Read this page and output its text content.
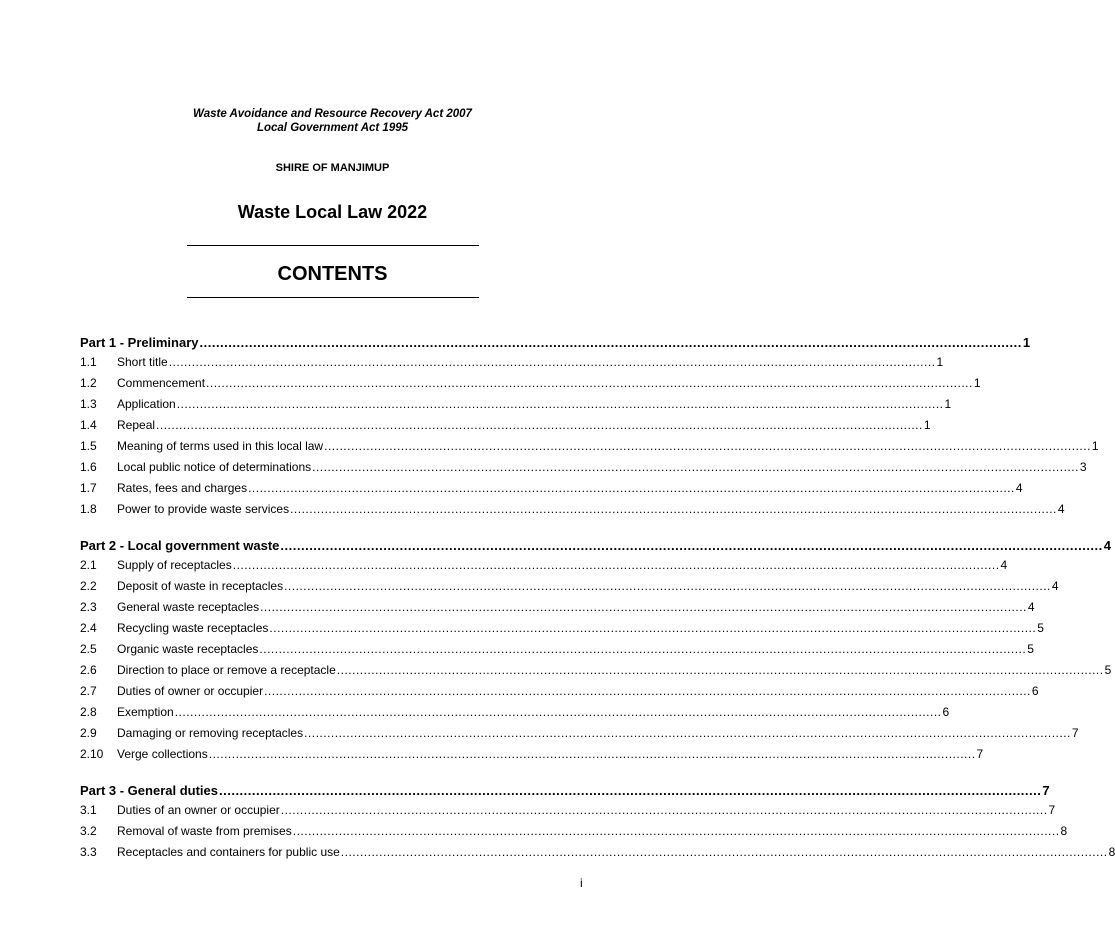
Waste Avoidance and Resource Recovery Act 2007
Local Government Act 1995
SHIRE OF MANJIMUP
Waste Local Law 2022
CONTENTS
Part 1 - Preliminary ........................................................................................................................................................................................................ 1
1.1	Short title ........................................................................................................................................................................................................ 1
1.2	Commencement ........................................................................................................................................................................................................ 1
1.3	Application ........................................................................................................................................................................................................ 1
1.4	Repeal ........................................................................................................................................................................................................ 1
1.5	Meaning of terms used in this local law ........................................................................................................................................................................................................ 1
1.6	Local public notice of determinations ........................................................................................................................................................................................................ 3
1.7	Rates, fees and charges ........................................................................................................................................................................................................ 4
1.8	Power to provide waste services ........................................................................................................................................................................................................ 4
Part 2 - Local government waste ........................................................................................................................................................................................................ 4
2.1	Supply of receptacles ........................................................................................................................................................................................................ 4
2.2	Deposit of waste in receptacles ........................................................................................................................................................................................................ 4
2.3	General waste receptacles ........................................................................................................................................................................................................ 4
2.4	Recycling waste receptacles ........................................................................................................................................................................................................ 5
2.5	Organic waste receptacles ........................................................................................................................................................................................................ 5
2.6	Direction to place or remove a receptacle ........................................................................................................................................................................................................ 5
2.7	Duties of owner or occupier ........................................................................................................................................................................................................ 6
2.8	Exemption ........................................................................................................................................................................................................ 6
2.9	Damaging or removing receptacles ........................................................................................................................................................................................................ 7
2.10	Verge collections ........................................................................................................................................................................................................ 7
Part 3 - General duties ........................................................................................................................................................................................................ 7
3.1	Duties of an owner or occupier ........................................................................................................................................................................................................ 7
3.2	Removal of waste from premises ........................................................................................................................................................................................................ 8
3.3	Receptacles and containers for public use ........................................................................................................................................................................................................ 8
i
